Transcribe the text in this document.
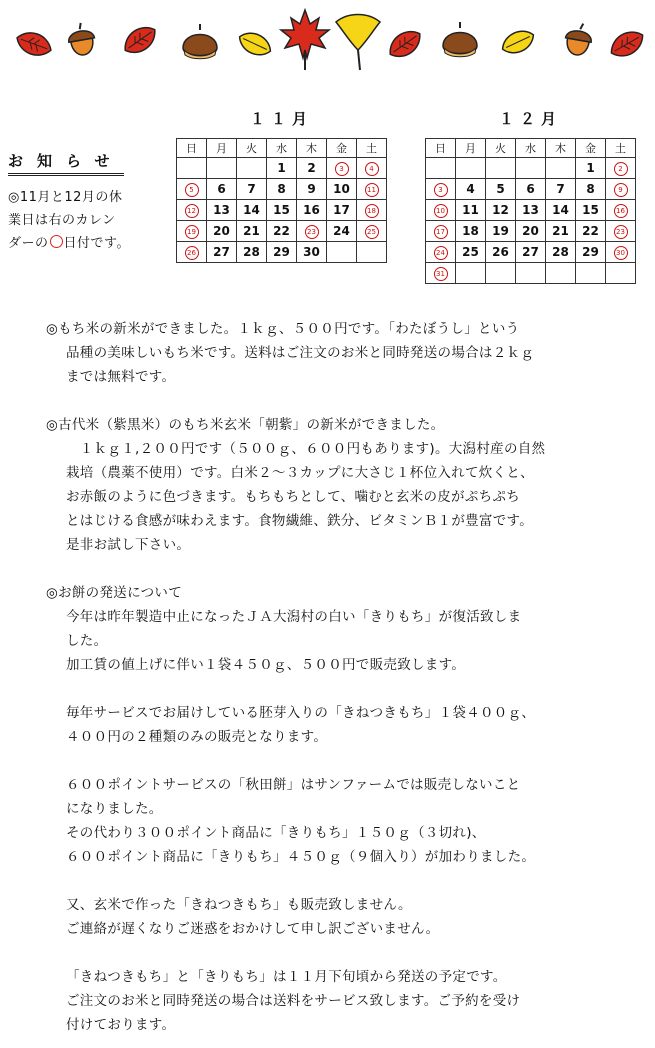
お知らせ
◎11月と12月の休
業日は右のカレン
ダーの 日付です。
１１月
日	月	火	水	木	金	土
			1	2	3	4
5	6	7	8	9	10	11
12	13	14	15	16	17	18
19	20	21	22	23	24	25
26	27	28	29	30		
１２月
日	月	火	水	木	金	土
					1	2
3	4	5	6	7	8	9
10	11	12	13	14	15	16
17	18	19	20	21	22	23
24	25	26	27	28	29	30
31						

◎もち米の新米ができました。１ｋｇ、５００円です。「わたぼうし」という

品種の美味しいもち米です。送料はご注文のお米と同時発送の場合は２ｋｇ

までは無料です。

◎古代米（紫黒米）のもち米玄米「朝紫」の新米ができました。

　１ｋｇ１,２００円です（５００ｇ、６００円もあります)。大潟村産の自然

栽培（農薬不使用）です。白米２～３カップに大さじ１杯位入れて炊くと、

お赤飯のように色づきます。もちもちとして、噛むと玄米の皮がぷちぷち

とはじける食感が味わえます。食物繊維、鉄分、ビタミンＢ１が豊富です。

是非お試し下さい。

◎お餅の発送について

今年は昨年製造中止になったＪＡ大潟村の白い「きりもち」が復活致しま

した。

加工賃の値上げに伴い１袋４５０ｇ、５００円で販売致します。

毎年サービスでお届けしている胚芽入りの「きねつきもち」１袋４００ｇ、

４００円の２種類のみの販売となります。

６００ポイントサービスの「秋田餅」はサンファームでは販売しないこと

になりました。

その代わり３００ポイント商品に「きりもち」１５０ｇ（３切れ)、

６００ポイント商品に「きりもち」４５０ｇ（９個入り）が加わりました。

又、玄米で作った「きねつきもち」も販売致しません。

ご連絡が遅くなりご迷惑をおかけして申し訳ございません。

「きねつきもち」と「きりもち」は１１月下旬頃から発送の予定です。

ご注文のお米と同時発送の場合は送料をサービス致します。ご予約を受け

付けております。
